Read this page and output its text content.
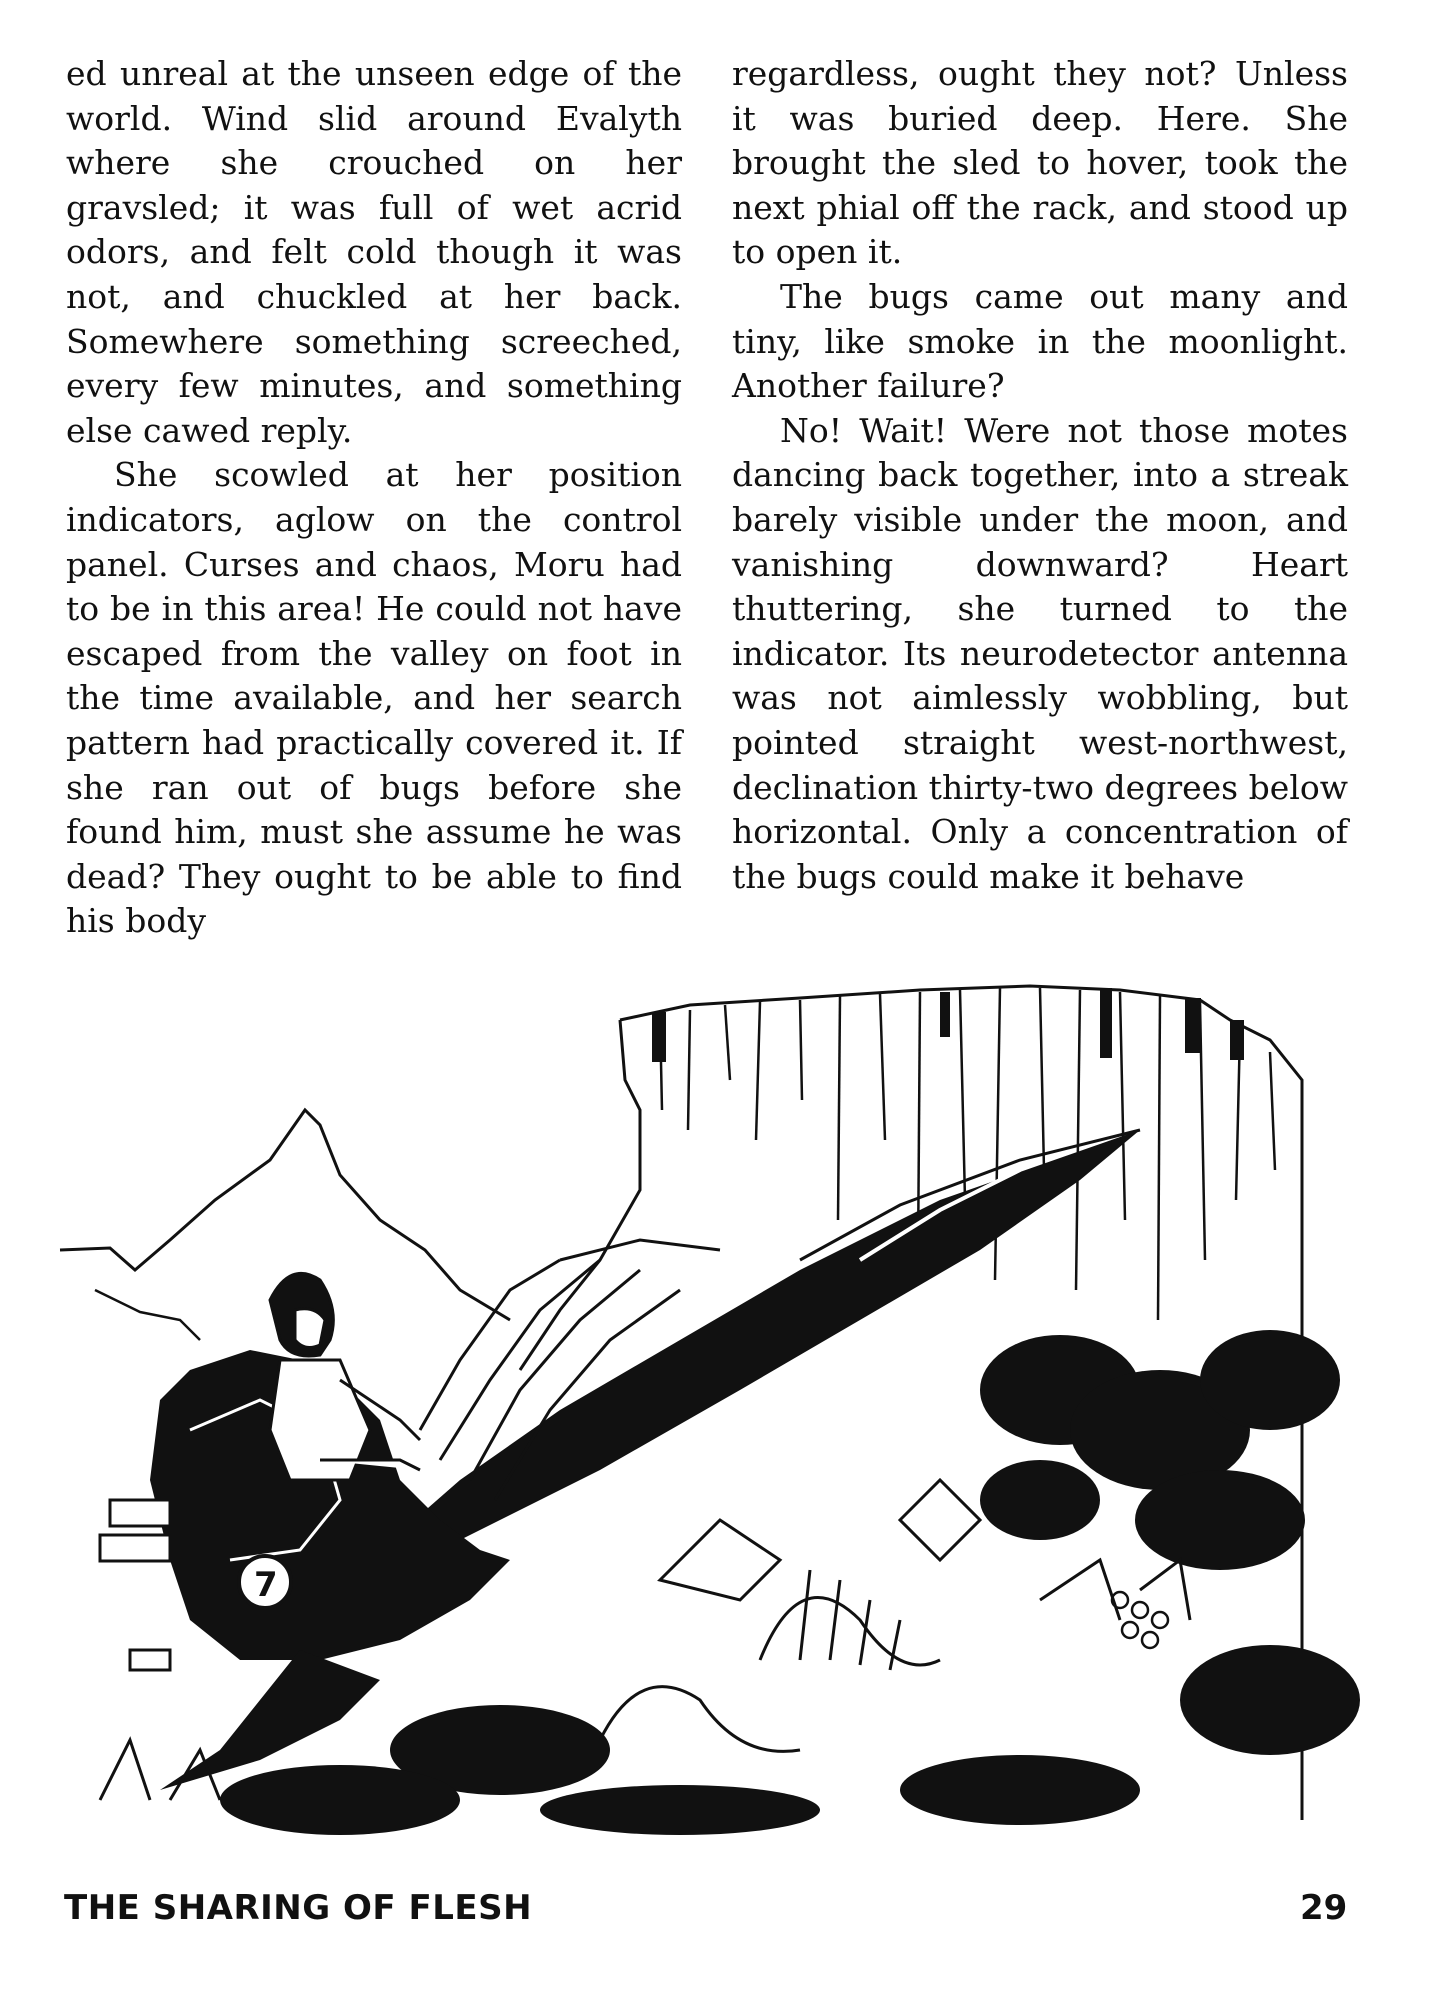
ed unreal at the unseen edge of the world. Wind slid around Evalyth where she crouched on her gravsled; it was full of wet acrid odors, and felt cold though it was not, and chuckled at her back. Somewhere something screeched, every few minutes, and something else cawed reply.

She scowled at her position indicators, aglow on the control panel. Curses and chaos, Moru had to be in this area! He could not have escaped from the valley on foot in the time available, and her search pattern had practically covered it. If she ran out of bugs before she found him, must she assume he was dead? They ought to be able to find his body

regardless, ought they not? Unless it was buried deep. Here. She brought the sled to hover, took the next phial off the rack, and stood up to open it.

The bugs came out many and tiny, like smoke in the moonlight. Another failure?

No! Wait! Were not those motes dancing back together, into a streak barely visible under the moon, and vanishing downward? Heart thuttering, she turned to the indicator. Its neurodetector antenna was not aimlessly wobbling, but pointed straight west-northwest, declination thirty-two degrees below horizontal. Only a concentration of the bugs could make it behave

7
THE SHARING OF FLESH	29
